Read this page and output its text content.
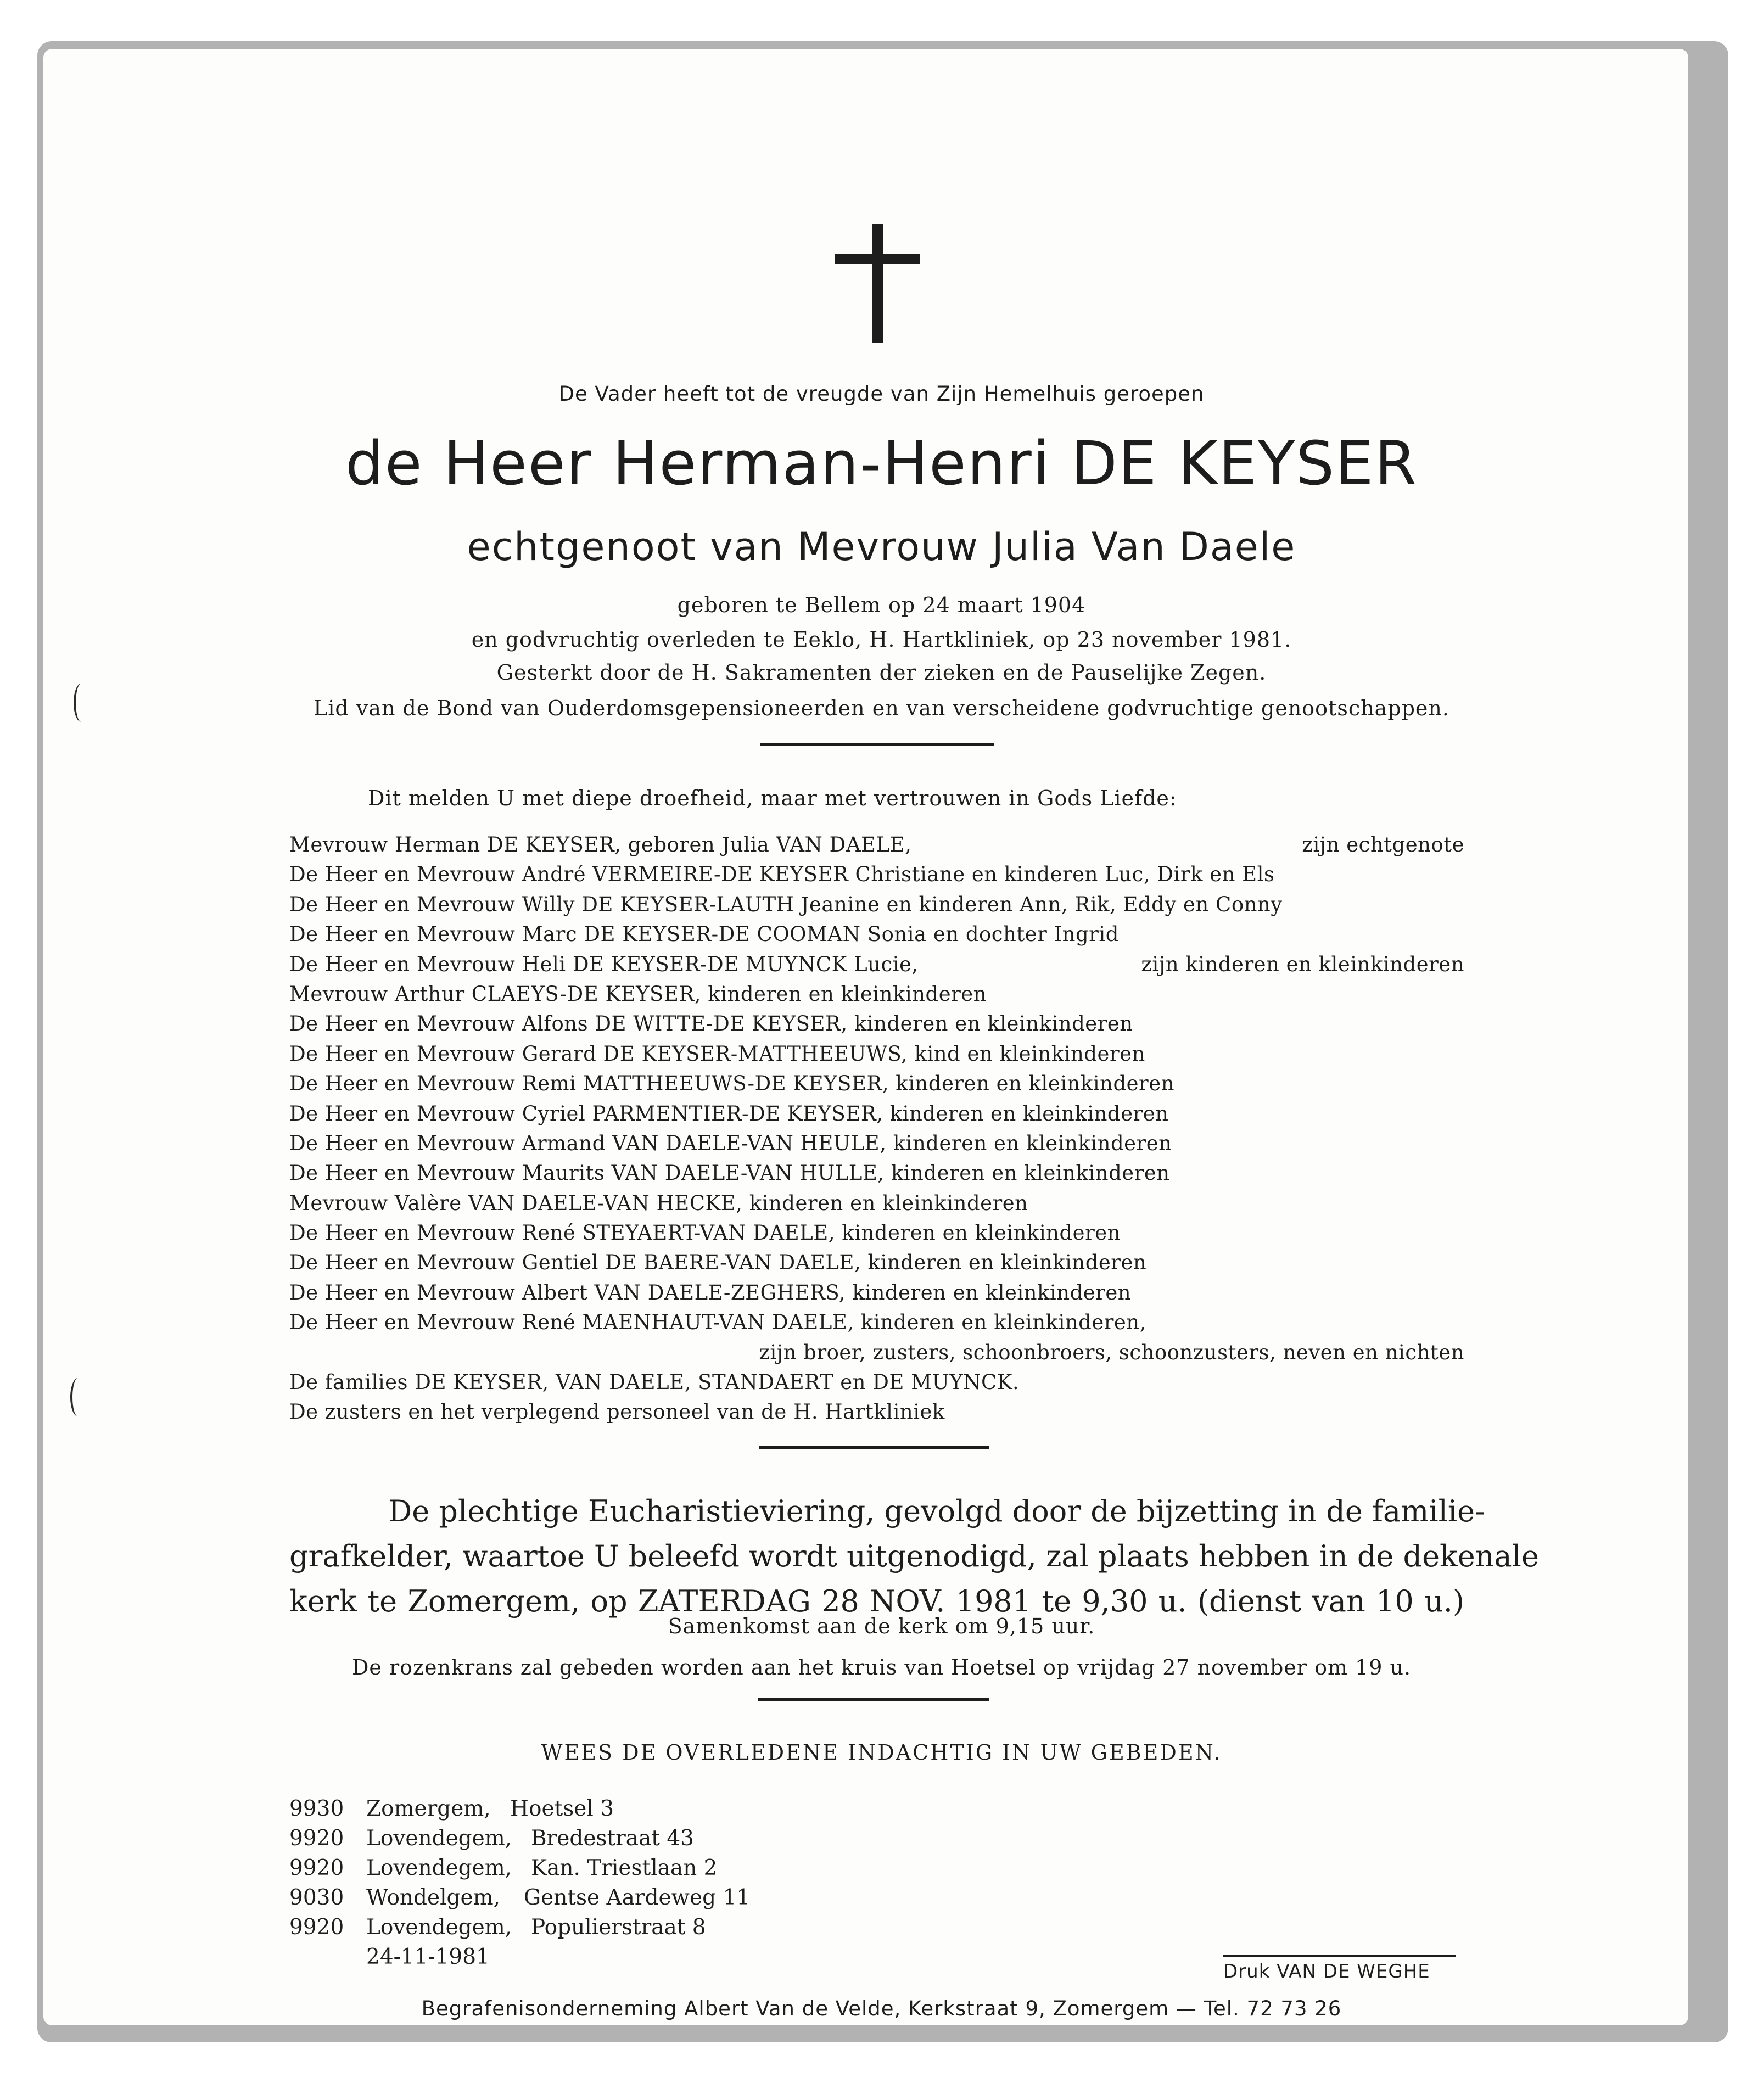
De Vader heeft tot de vreugde van Zijn Hemelhuis geroepen
de Heer Herman-Henri DE KEYSER
echtgenoot van Mevrouw Julia Van Daele
geboren te Bellem op 24 maart 1904
en godvruchtig overleden te Eeklo, H. Hartkliniek, op 23 november 1981.
Gesterkt door de H. Sakramenten der zieken en de Pauselijke Zegen.
Lid van de Bond van Ouderdomsgepensioneerden en van verscheidene godvruchtige genootschappen.
Dit melden U met diepe droefheid, maar met vertrouwen in Gods Liefde:
Mevrouw Herman DE KEYSER, geboren Julia VAN DAELE,	zijn echtgenote
De Heer en Mevrouw André VERMEIRE-DE KEYSER Christiane en kinderen Luc, Dirk en Els
De Heer en Mevrouw Willy DE KEYSER-LAUTH Jeanine en kinderen Ann, Rik, Eddy en Conny
De Heer en Mevrouw Marc DE KEYSER-DE COOMAN Sonia en dochter Ingrid
De Heer en Mevrouw Heli DE KEYSER-DE MUYNCK Lucie,	zijn kinderen en kleinkinderen
Mevrouw Arthur CLAEYS-DE KEYSER, kinderen en kleinkinderen
De Heer en Mevrouw Alfons DE WITTE-DE KEYSER, kinderen en kleinkinderen
De Heer en Mevrouw Gerard DE KEYSER-MATTHEEUWS, kind en kleinkinderen
De Heer en Mevrouw Remi MATTHEEUWS-DE KEYSER, kinderen en kleinkinderen
De Heer en Mevrouw Cyriel PARMENTIER-DE KEYSER, kinderen en kleinkinderen
De Heer en Mevrouw Armand VAN DAELE-VAN HEULE, kinderen en kleinkinderen
De Heer en Mevrouw Maurits VAN DAELE-VAN HULLE, kinderen en kleinkinderen
Mevrouw Valère VAN DAELE-VAN HECKE, kinderen en kleinkinderen
De Heer en Mevrouw René STEYAERT-VAN DAELE, kinderen en kleinkinderen
De Heer en Mevrouw Gentiel DE BAERE-VAN DAELE, kinderen en kleinkinderen
De Heer en Mevrouw Albert VAN DAELE-ZEGHERS, kinderen en kleinkinderen
De Heer en Mevrouw René MAENHAUT-VAN DAELE, kinderen en kleinkinderen,
zijn broer, zusters, schoonbroers, schoonzusters, neven en nichten
De families DE KEYSER, VAN DAELE, STANDAERT en DE MUYNCK.
De zusters en het verplegend personeel van de H. Hartkliniek
De plechtige Eucharistieviering, gevolgd door de bijzetting in de familie-
grafkelder, waartoe U beleefd wordt uitgenodigd, zal plaats hebben in de dekenale
kerk te Zomergem, op ZATERDAG 28 NOV. 1981 te 9,30 u. (dienst van 10 u.)
Samenkomst aan de kerk om 9,15 uur.
De rozenkrans zal gebeden worden aan het kruis van Hoetsel op vrijdag 27 november om 19 u.
WEES DE OVERLEDENE INDACHTIG IN UW GEBEDEN.
9930 Zomergem, Hoetsel 3
9920 Lovendegem, Bredestraat 43
9920 Lovendegem, Kan. Triestlaan 2
9030 Wondelgem, Gentse Aardeweg 11
9920 Lovendegem, Populierstraat 8
24-11-1981
Druk VAN DE WEGHE
Begrafenisonderneming Albert Van de Velde, Kerkstraat 9, Zomergem — Tel. 72 73 26
